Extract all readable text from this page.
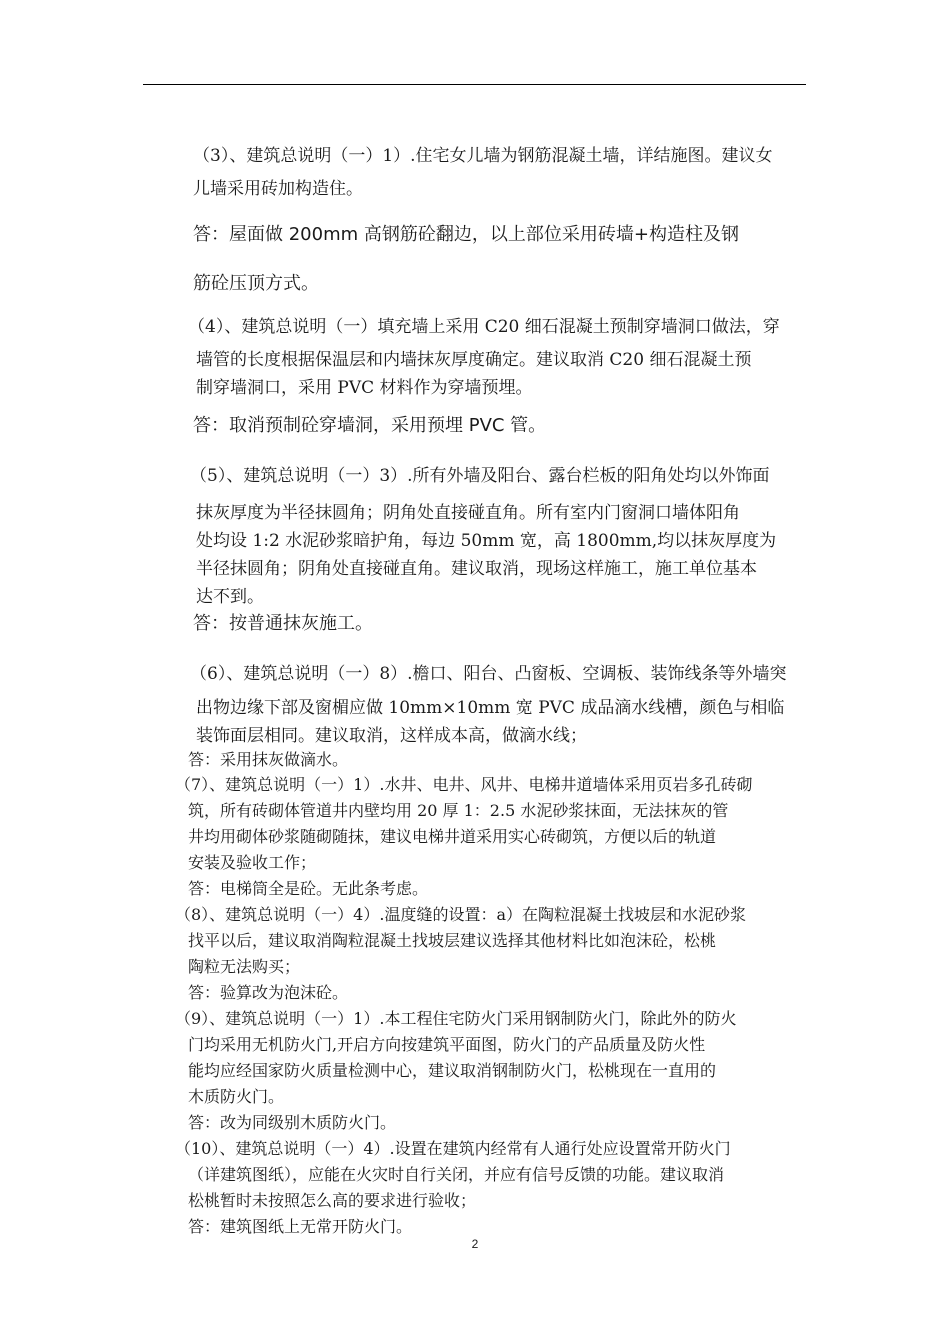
（3）、建筑总说明（一）1）.住宅女儿墙为钢筋混凝土墙，详结施图。建议女
儿墙采用砖加构造住。
答：屋面做 200mm 高钢筋砼翻边，以上部位采用砖墙+构造柱及钢
筋砼压顶方式。
（4）、建筑总说明（一）填充墙上采用 C20 细石混凝土预制穿墙洞口做法，穿
墙管的长度根据保温层和内墙抹灰厚度确定。建议取消 C20 细石混凝土预
制穿墙洞口，采用 PVC 材料作为穿墙预埋。
答：取消预制砼穿墙洞，采用预埋 PVC 管。
（5）、建筑总说明（一）3）.所有外墙及阳台、露台栏板的阳角处均以外饰面
抹灰厚度为半径抹圆角；阴角处直接碰直角。所有室内门窗洞口墙体阳角
处均设 1:2 水泥砂浆暗护角，每边 50mm 宽，高 1800mm,均以抹灰厚度为
半径抹圆角；阴角处直接碰直角。建议取消，现场这样施工，施工单位基本
达不到。
答：按普通抹灰施工。
（6）、建筑总说明（一）8）.檐口、阳台、凸窗板、空调板、装饰线条等外墙突
出物边缘下部及窗楣应做 10mm×10mm 宽 PVC 成品滴水线槽，颜色与相临
装饰面层相同。建议取消，这样成本高，做滴水线；
答：采用抹灰做滴水。
（7）、建筑总说明（一）1）.水井、电井、风井、电梯井道墙体采用页岩多孔砖砌
筑，所有砖砌体管道井内壁均用 20 厚 1：2.5 水泥砂浆抹面，无法抹灰的管
井均用砌体砂浆随砌随抹，建议电梯井道采用实心砖砌筑，方便以后的轨道
安装及验收工作；
答：电梯筒全是砼。无此条考虑。
（8）、建筑总说明（一）4）.温度缝的设置：a）在陶粒混凝土找坡层和水泥砂浆
找平以后，建议取消陶粒混凝土找坡层建议选择其他材料比如泡沫砼，松桃
陶粒无法购买；
答：验算改为泡沫砼。
（9）、建筑总说明（一）1）.本工程住宅防火门采用钢制防火门，除此外的防火
门均采用无机防火门,开启方向按建筑平面图，防火门的产品质量及防火性
能均应经国家防火质量检测中心，建议取消钢制防火门，松桃现在一直用的
木质防火门。
答：改为同级别木质防火门。
（10）、建筑总说明（一）4）.设置在建筑内经常有人通行处应设置常开防火门
（详建筑图纸），应能在火灾时自行关闭，并应有信号反馈的功能。建议取消
松桃暂时未按照怎么高的要求进行验收；
答：建筑图纸上无常开防火门。
2
